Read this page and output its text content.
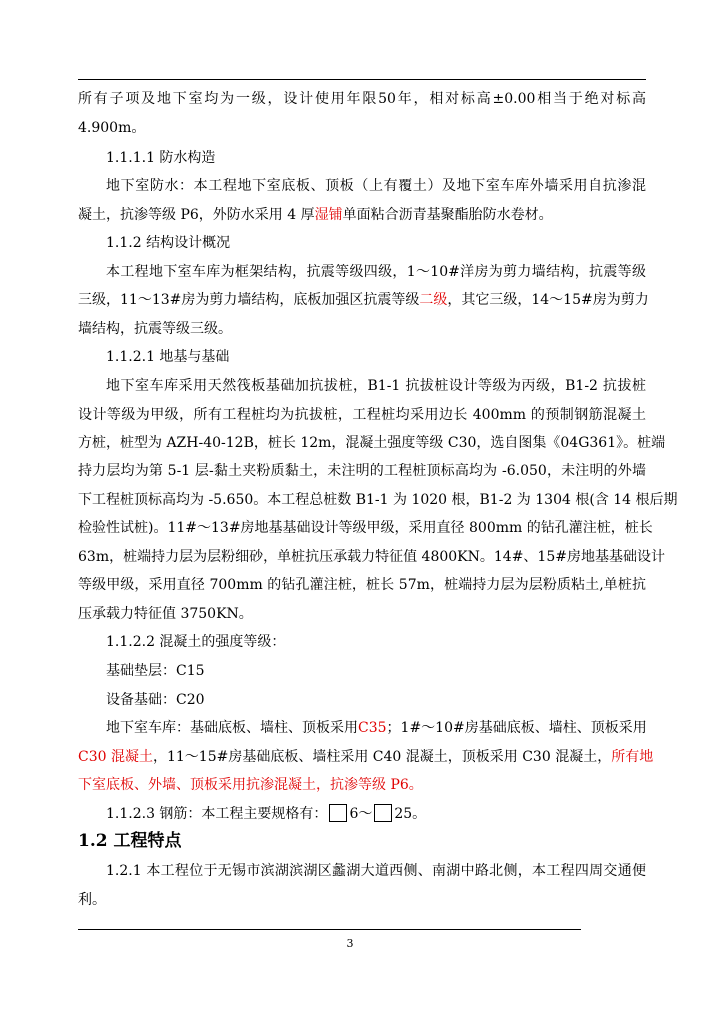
所有子项及地下室均为一级，设计使用年限50年，相对标高±0.00相当于绝对标高
4.900m。
1.1.1.1 防水构造
地下室防水：本工程地下室底板、顶板（上有覆土）及地下室车库外墙采用自抗渗混
凝土，抗渗等级 P6，外防水采用 4 厚湿铺单面粘合沥青基聚酯胎防水卷材。
1.1.2 结构设计概况
本工程地下室车库为框架结构，抗震等级四级，1～10#洋房为剪力墙结构，抗震等级
三级，11～13#房为剪力墙结构，底板加强区抗震等级二级，其它三级，14～15#房为剪力
墙结构，抗震等级三级。
1.1.2.1 地基与基础
地下室车库采用天然筏板基础加抗拔桩，B1-1 抗拔桩设计等级为丙级，B1-2 抗拔桩
设计等级为甲级，所有工程桩均为抗拔桩，工程桩均采用边长 400mm 的预制钢筋混凝土
方桩，桩型为 AZH-40-12B，桩长 12m，混凝土强度等级 C30，选自图集《04G361》。桩端
持力层均为第 5-1 层-黏土夹粉质黏土，未注明的工程桩顶标高均为 -6.050，未注明的外墙
下工程桩顶标高均为 -5.650。本工程总桩数 B1-1 为 1020 根，B1-2 为 1304 根(含 14 根后期
检验性试桩)。11#～13#房地基基础设计等级甲级，采用直径 800mm 的钻孔灌注桩，桩长
63m，桩端持力层为层粉细砂，单桩抗压承载力特征值 4800KN。14#、15#房地基基础设计
等级甲级，采用直径 700mm 的钻孔灌注桩，桩长 57m，桩端持力层为层粉质粘土,单桩抗
压承载力特征值 3750KN。
1.1.2.2 混凝土的强度等级：
基础垫层：C15
设备基础：C20
地下室车库：基础底板、墙柱、顶板采用C35；1#～10#房基础底板、墙柱、顶板采用
C30 混凝土，11～15#房基础底板、墙柱采用 C40 混凝土，顶板采用 C30 混凝土，所有地
下室底板、外墙、顶板采用抗渗混凝土，抗渗等级 P6。
1.1.2.3 钢筋：本工程主要规格有： 6～ 25。
1.2 工程特点
1.2.1 本工程位于无锡市滨湖滨湖区蠡湖大道西侧、南湖中路北侧，本工程四周交通便
利。
3
